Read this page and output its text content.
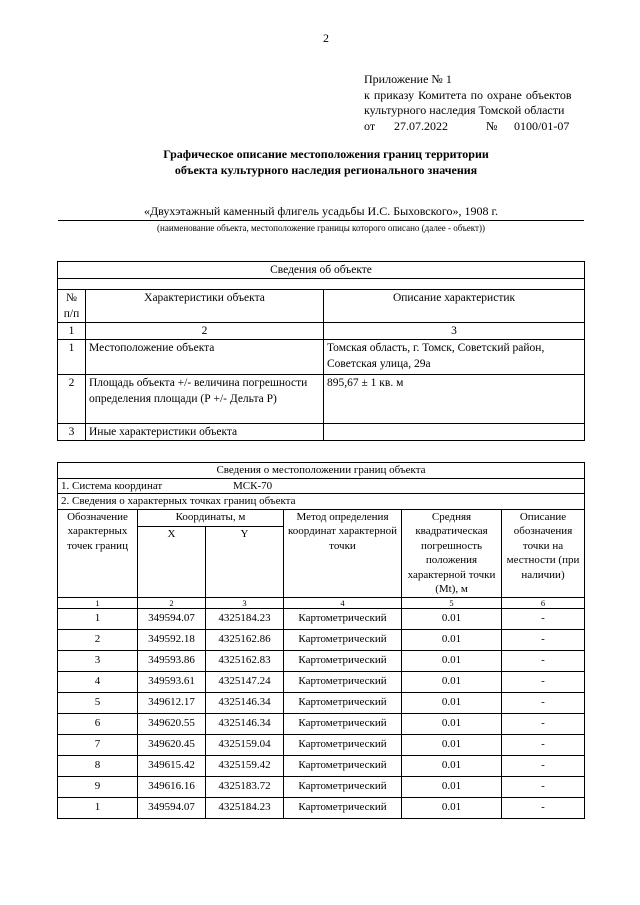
2
Приложение № 1
к приказу Комитета по охране объектов
культурного наследия Томской области
от 27.07.2022	№ 0100/01-07
Графическое описание местоположения границ территории
объекта культурного наследия регионального значения
«Двухэтажный каменный флигель усадьбы И.С. Быховского», 1908 г.
(наименование объекта, местоположение границы которого описано (далее - объект))
Сведения об объекте		

№ п/п	Характеристики объекта	Описание характеристик
1	2	3
1	Местоположение объекта	Томская область, г. Томск, Советский район, Советская улица, 29а
2	Площадь объекта +/- величина погрешности определения площади (Р +/- Дельта Р)	895,67 ± 1 кв. м
3	Иные характеристики объекта	
Сведения о местоположении границ объекта					
1. Система координат МСК-70					
2. Сведения о характерных точках границ объекта					
Обозначение характерных точек границ	Координаты, м		Метод определения координат характерной точки	Средняя квадратическая погрешность положения характерной точки (Mt), м	Описание обозначения точки на местности (при наличии)
	X	Y			
1	2	3	4	5	6
1	349594.07	4325184.23	Картометрический	0.01	-
2	349592.18	4325162.86	Картометрический	0.01	-
3	349593.86	4325162.83	Картометрический	0.01	-
4	349593.61	4325147.24	Картометрический	0.01	-
5	349612.17	4325146.34	Картометрический	0.01	-
6	349620.55	4325146.34	Картометрический	0.01	-
7	349620.45	4325159.04	Картометрический	0.01	-
8	349615.42	4325159.42	Картометрический	0.01	-
9	349616.16	4325183.72	Картометрический	0.01	-
1	349594.07	4325184.23	Картометрический	0.01	-
